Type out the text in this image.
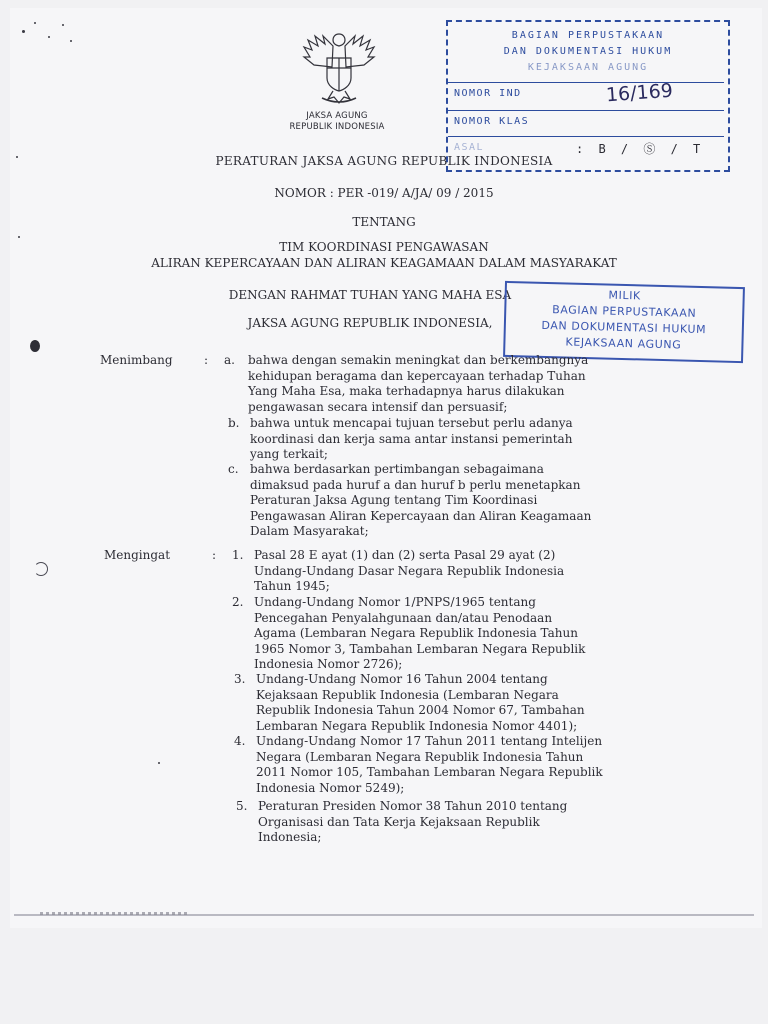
JAKSA AGUNG
REPUBLIK INDONESIA
BAGIAN PERPUSTAKAAN
DAN DOKUMENTASI HUKUM
KEJAKSAAN AGUNG
NOMOR IND
NOMOR KLAS
ASAL
16/169
: B / Ⓢ / T
PERATURAN JAKSA AGUNG REPUBLIK INDONESIA
NOMOR : PER -019/ A/JA/ 09 / 2015
TENTANG
TIM KOORDINASI PENGAWASAN
ALIRAN KEPERCAYAAN DAN ALIRAN KEAGAMAAN DALAM MASYARAKAT
DENGAN RAHMAT TUHAN YANG MAHA ESA
JAKSA AGUNG REPUBLIK INDONESIA,
MILIK
BAGIAN PERPUSTAKAAN
DAN DOKUMENTASI HUKUM
KEJAKSAAN AGUNG
Menimbang	: a. bahwa dengan semakin meningkat dan berkembangnya
kehidupan beragama dan kepercayaan terhadap Tuhan
Yang Maha Esa, maka terhadapnya harus dilakukan
pengawasan secara intensif dan persuasif;
b. bahwa untuk mencapai tujuan tersebut perlu adanya
koordinasi dan kerja sama antar instansi pemerintah
yang terkait;
c. bahwa berdasarkan pertimbangan sebagaimana
dimaksud pada huruf a dan huruf b perlu menetapkan
Peraturan Jaksa Agung tentang Tim Koordinasi
Pengawasan Aliran Kepercayaan dan Aliran Keagamaan
Dalam Masyarakat;
Mengingat	: 1. Pasal 28 E ayat (1) dan (2) serta Pasal 29 ayat (2)
Undang-Undang Dasar Negara Republik Indonesia
Tahun 1945;
2. Undang-Undang Nomor 1/PNPS/1965 tentang
Pencegahan Penyalahgunaan dan/atau Penodaan
Agama (Lembaran Negara Republik Indonesia Tahun
1965 Nomor 3, Tambahan Lembaran Negara Republik
Indonesia Nomor 2726);
3. Undang-Undang Nomor 16 Tahun 2004 tentang
Kejaksaan Republik Indonesia (Lembaran Negara
Republik Indonesia Tahun 2004 Nomor 67, Tambahan
Lembaran Negara Republik Indonesia Nomor 4401);
4. Undang-Undang Nomor 17 Tahun 2011 tentang Intelijen
Negara (Lembaran Negara Republik Indonesia Tahun
2011 Nomor 105, Tambahan Lembaran Negara Republik
Indonesia Nomor 5249);
5. Peraturan Presiden Nomor 38 Tahun 2010 tentang
Organisasi dan Tata Kerja Kejaksaan Republik
Indonesia;
